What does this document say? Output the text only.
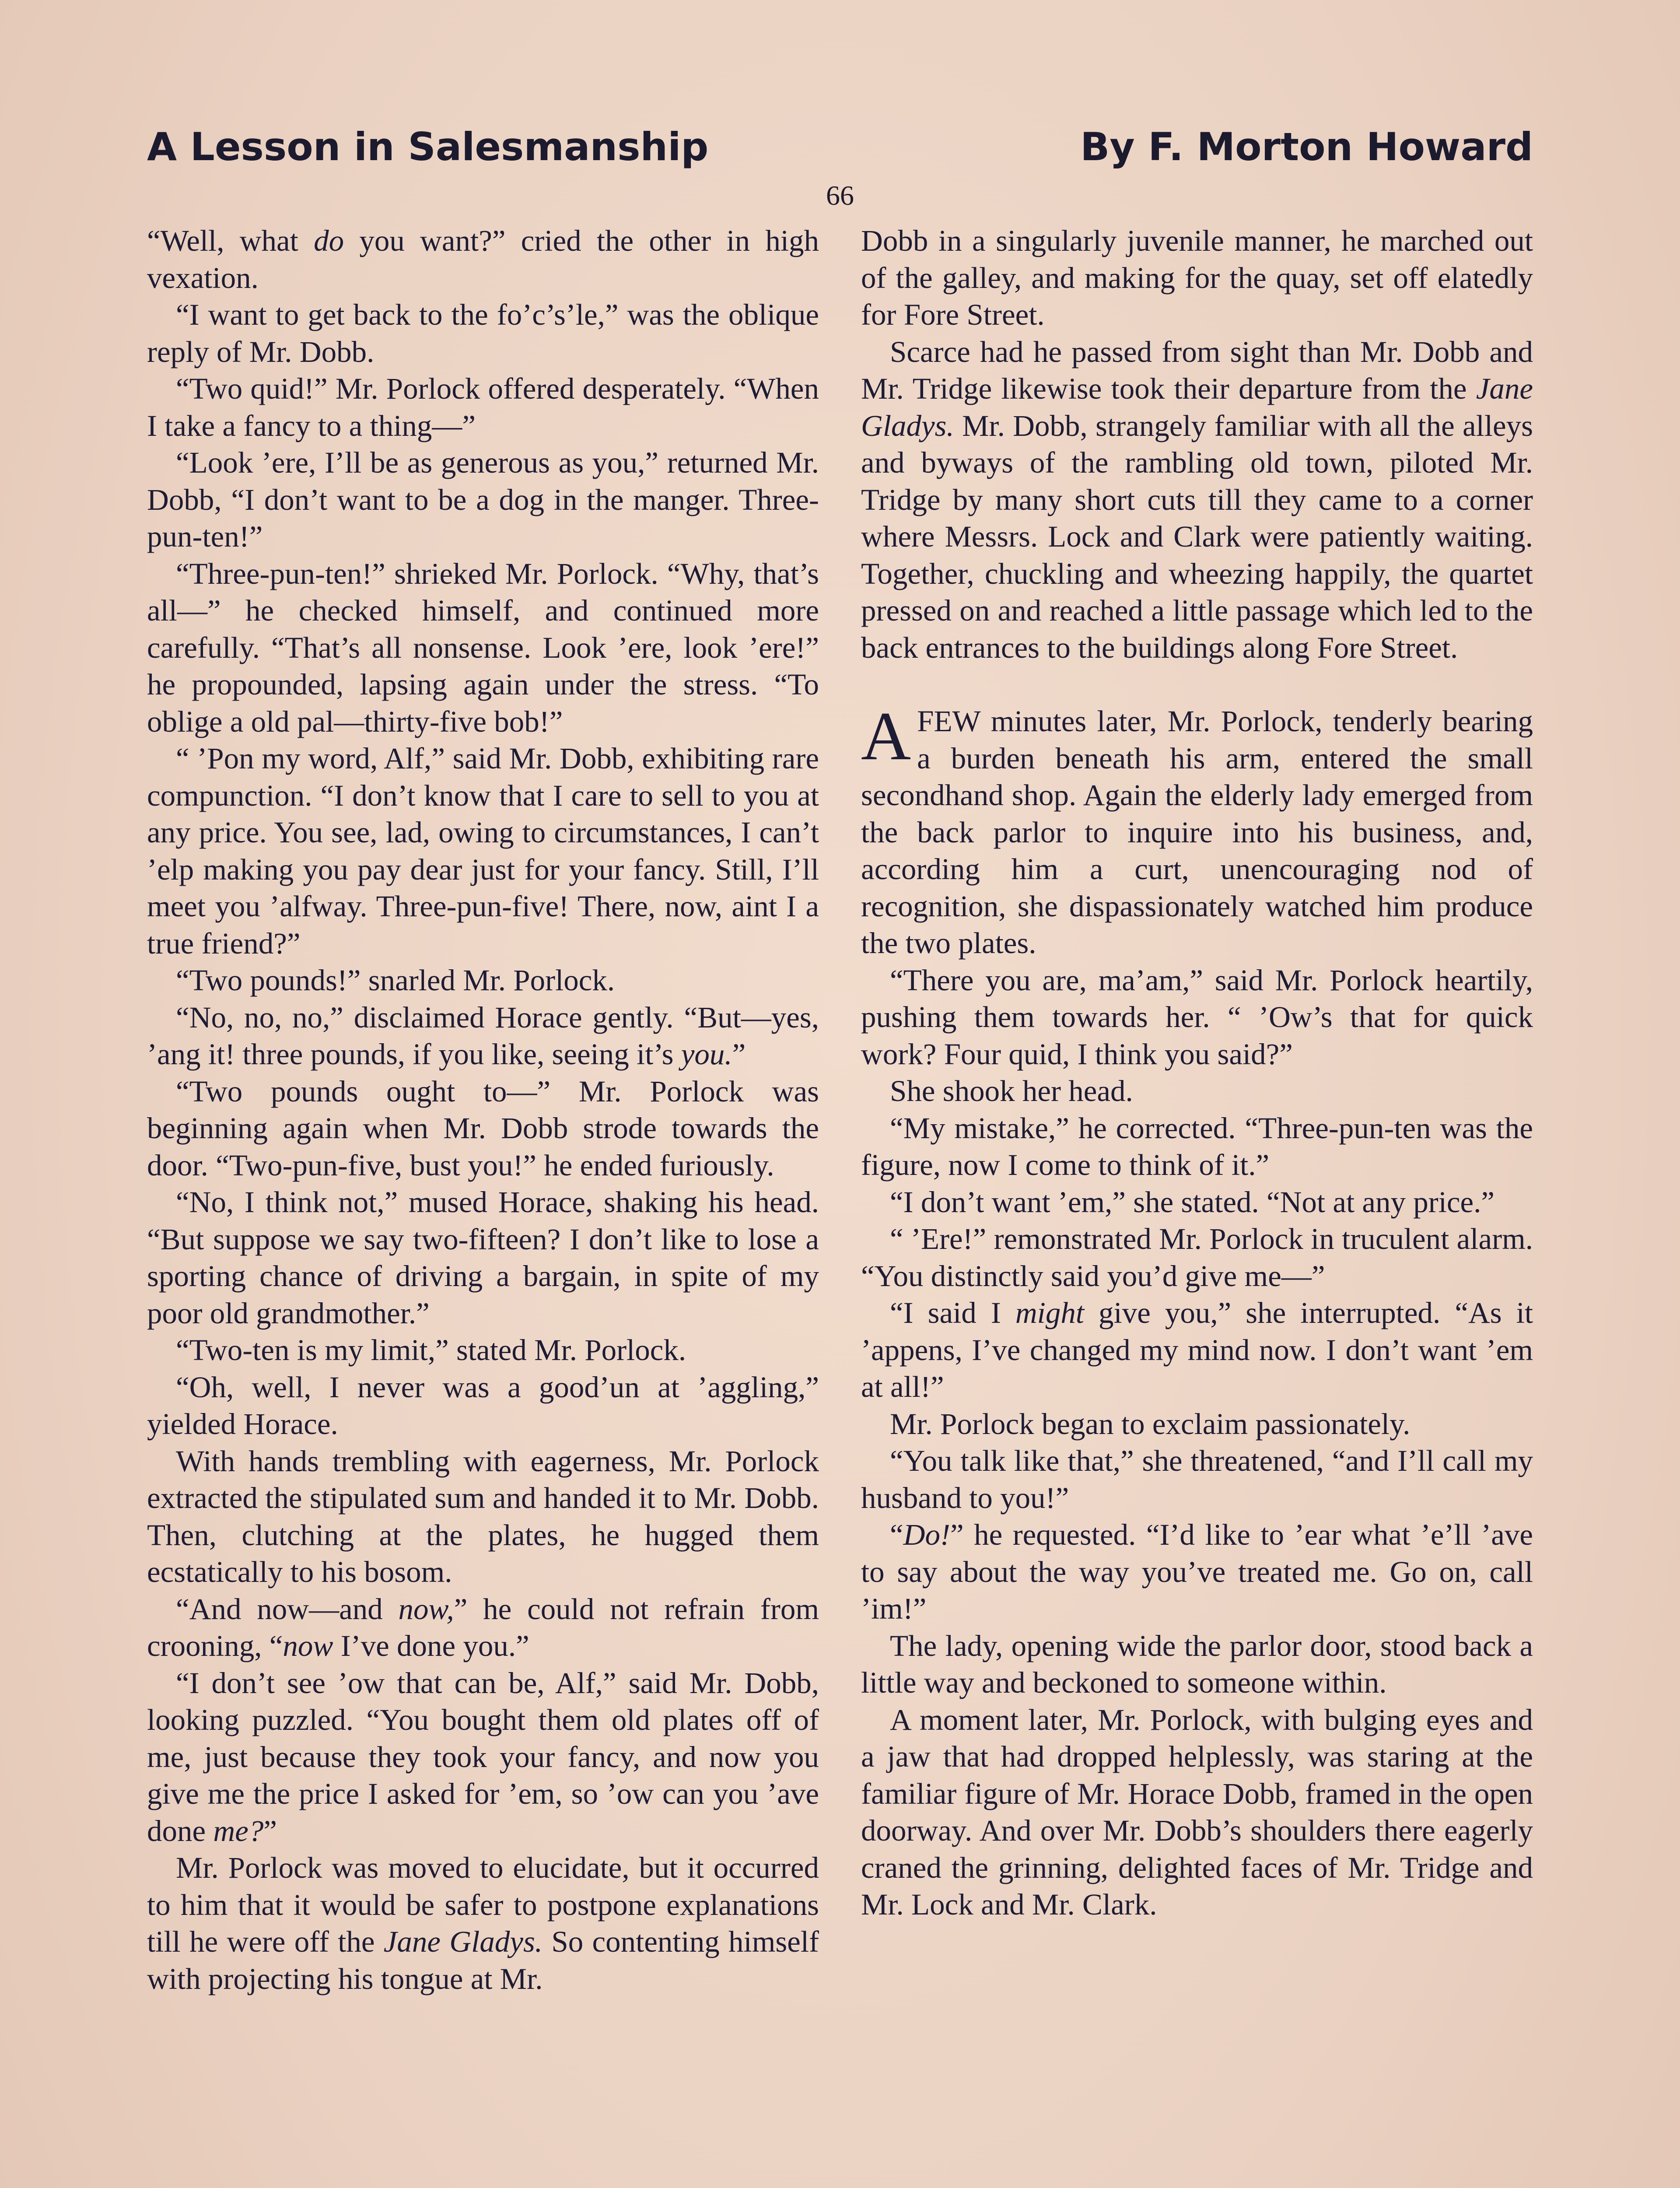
A Lesson in Salesmanship	By F. Morton Howard
66

“Well, what do you want?” cried the other in high vexation.

“I want to get back to the fo’c’s’le,” was the oblique reply of Mr. Dobb.

“Two quid!” Mr. Porlock offered desperately. “When I take a fancy to a thing—”

“Look ’ere, I’ll be as generous as you,” returned Mr. Dobb, “I don’t want to be a dog in the manger. Three-pun-ten!”

“Three-pun-ten!” shrieked Mr. Porlock. “Why, that’s all—” he checked himself, and continued more carefully. “That’s all nonsense. Look ’ere, look ’ere!” he propounded, lapsing again under the stress. “To oblige a old pal—thirty-five bob!”

“ ’Pon my word, Alf,” said Mr. Dobb, exhibiting rare compunction. “I don’t know that I care to sell to you at any price. You see, lad, owing to circumstances, I can’t ’elp making you pay dear just for your fancy. Still, I’ll meet you ’alfway. Three-pun-five! There, now, aint I a true friend?”

“Two pounds!” snarled Mr. Porlock.

“No, no, no,” disclaimed Horace gently. “But—yes, ’ang it! three pounds, if you like, seeing it’s you.”

“Two pounds ought to—” Mr. Porlock was beginning again when Mr. Dobb strode towards the door. “Two-pun-five, bust you!” he ended furiously.

“No, I think not,” mused Horace, shaking his head. “But suppose we say two-fifteen? I don’t like to lose a sporting chance of driving a bargain, in spite of my poor old grandmother.”

“Two-ten is my limit,” stated Mr. Porlock.

“Oh, well, I never was a good’un at ’aggling,” yielded Horace.

With hands trembling with eagerness, Mr. Porlock extracted the stipulated sum and handed it to Mr. Dobb. Then, clutching at the plates, he hugged them ecstatically to his bosom.

“And now—and now,” he could not refrain from crooning, “now I’ve done you.”

“I don’t see ’ow that can be, Alf,” said Mr. Dobb, looking puzzled. “You bought them old plates off of me, just because they took your fancy, and now you give me the price I asked for ’em, so ’ow can you ’ave done me?”

Mr. Porlock was moved to elucidate, but it occurred to him that it would be safer to postpone explanations till he were off the Jane Gladys. So contenting himself with projecting his tongue at Mr.

Dobb in a singularly juvenile manner, he marched out of the galley, and making for the quay, set off elatedly for Fore Street.

Scarce had he passed from sight than Mr. Dobb and Mr. Tridge likewise took their departure from the Jane Gladys. Mr. Dobb, strangely familiar with all the alleys and byways of the rambling old town, piloted Mr. Tridge by many short cuts till they came to a corner where Messrs. Lock and Clark were patiently waiting. Together, chuckling and wheezing happily, the quartet pressed on and reached a little passage which led to the back entrances to the buildings along Fore Street.

A FEW minutes later, Mr. Porlock, tenderly bearing a burden beneath his arm, entered the small secondhand shop. Again the elderly lady emerged from the back parlor to inquire into his business, and, according him a curt, unencouraging nod of recognition, she dispassionately watched him produce the two plates.

“There you are, ma’am,” said Mr. Porlock heartily, pushing them towards her. “ ’Ow’s that for quick work? Four quid, I think you said?”

She shook her head.

“My mistake,” he corrected. “Three-pun-ten was the figure, now I come to think of it.”

“I don’t want ’em,” she stated. “Not at any price.”

“ ’Ere!” remonstrated Mr. Porlock in truculent alarm. “You distinctly said you’d give me—”

“I said I might give you,” she interrupted. “As it ’appens, I’ve changed my mind now. I don’t want ’em at all!”

Mr. Porlock began to exclaim passionately.

“You talk like that,” she threatened, “and I’ll call my husband to you!”

“Do!” he requested. “I’d like to ’ear what ’e’ll ’ave to say about the way you’ve treated me. Go on, call ’im!”

The lady, opening wide the parlor door, stood back a little way and beckoned to someone within.

A moment later, Mr. Porlock, with bulging eyes and a jaw that had dropped helplessly, was staring at the familiar figure of Mr. Horace Dobb, framed in the open doorway. And over Mr. Dobb’s shoulders there eagerly craned the grinning, delighted faces of Mr. Tridge and Mr. Lock and Mr. Clark.
